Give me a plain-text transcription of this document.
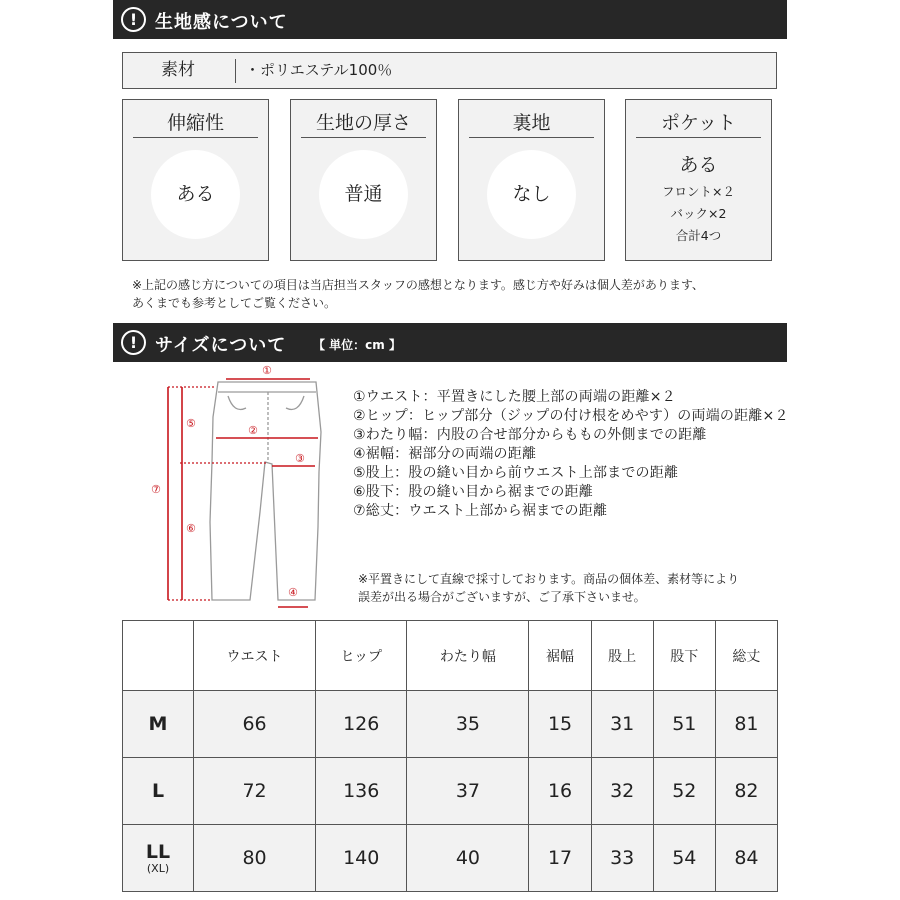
! 生地感について
素材	・ポリエステル100％
伸縮性
ある
生地の厚さ
普通
裏地
なし
ポケット
ある
フロント×２
バック×2
合計4つ
※上記の感じ方についての項目は当店担当スタッフの感想となります。感じ方や好みは個人差があります、
あくまでも参考としてご覧ください。
! サイズについて 【 単位：cm 】
①
②
③
④
⑤
⑥
⑦
①ウエスト：平置きにした腰上部の両端の距離×２
②ヒップ：ヒップ部分（ジップの付け根をめやす）の両端の距離×２
③わたり幅：内股の合せ部分からももの外側までの距離
④裾幅：裾部分の両端の距離
⑤股上：股の縫い目から前ウエスト上部までの距離
⑥股下：股の縫い目から裾までの距離
⑦総丈：ウエスト上部から裾までの距離
※平置きにして直線で採寸しております。商品の個体差、素材等により
誤差が出る場合がございますが、ご了承下さいませ。
	ウエスト	ヒップ	わたり幅	裾幅	股上	股下	総丈
M	66	126	35	15	31	51	81
L	72	136	37	16	32	52	82
LL
(XL)	80	140	40	17	33	54	84
